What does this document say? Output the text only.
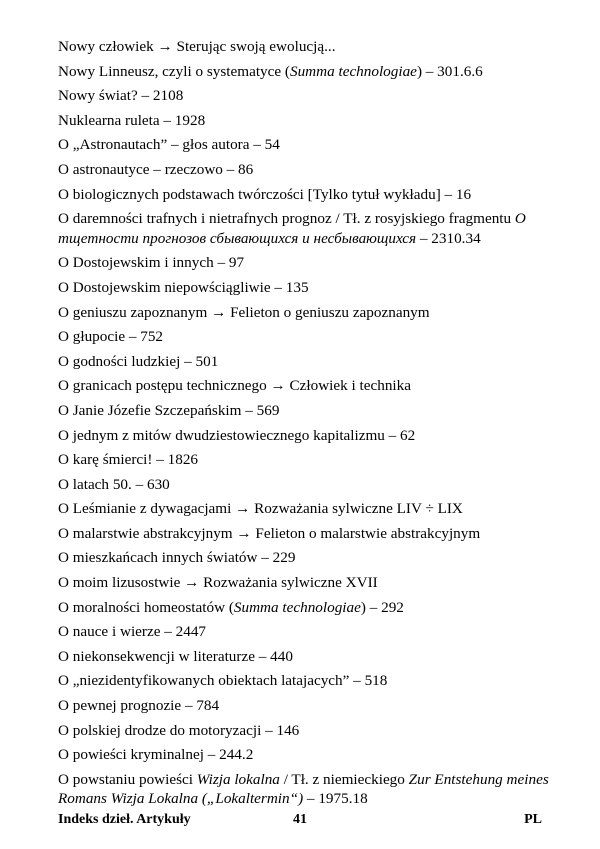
Nowy człowiek → Sterując swoją ewolucją...
Nowy Linneusz, czyli o systematyce (Summa technologiae) – 301.6.6
Nowy świat? – 2108
Nuklearna ruleta – 1928
O „Astronautach” – głos autora – 54
O astronautyce – rzeczowo – 86
O biologicznych podstawach twórczości [Tylko tytuł wykładu] – 16
O daremności trafnych i nietrafnych prognoz / Tł. z rosyjskiego fragmentu О тщетности прогнозов сбывающихся и несбывающихся – 2310.34
O Dostojewskim i innych – 97
O Dostojewskim niepowściągliwie – 135
O geniuszu zapoznanym → Felieton o geniuszu zapoznanym
O głupocie – 752
O godności ludzkiej – 501
O granicach postępu technicznego → Człowiek i technika
O Janie Józefie Szczepańskim – 569
O jednym z mitów dwudziestowiecznego kapitalizmu – 62
O karę śmierci! – 1826
O latach 50. – 630
O Leśmianie z dywagacjami → Rozważania sylwiczne LIV ÷ LIX
O malarstwie abstrakcyjnym → Felieton o malarstwie abstrakcyjnym
O mieszkańcach innych światów – 229
O moim lizusostwie → Rozważania sylwiczne XVII
O moralności homeostatów (Summa technologiae) – 292
O nauce i wierze – 2447
O niekonsekwencji w literaturze – 440
O „niezidentyfikowanych obiektach latajacych” – 518
O pewnej prognozie – 784
O polskiej drodze do motoryzacji – 146
O powieści kryminalnej – 244.2
O powstaniu powieści Wizja lokalna / Tł. z niemieckiego Zur Entstehung meines Romans Wizja Lokalna („Lokaltermin“) – 1975.18
41
Indeks dzieł. Artykuły	PL
